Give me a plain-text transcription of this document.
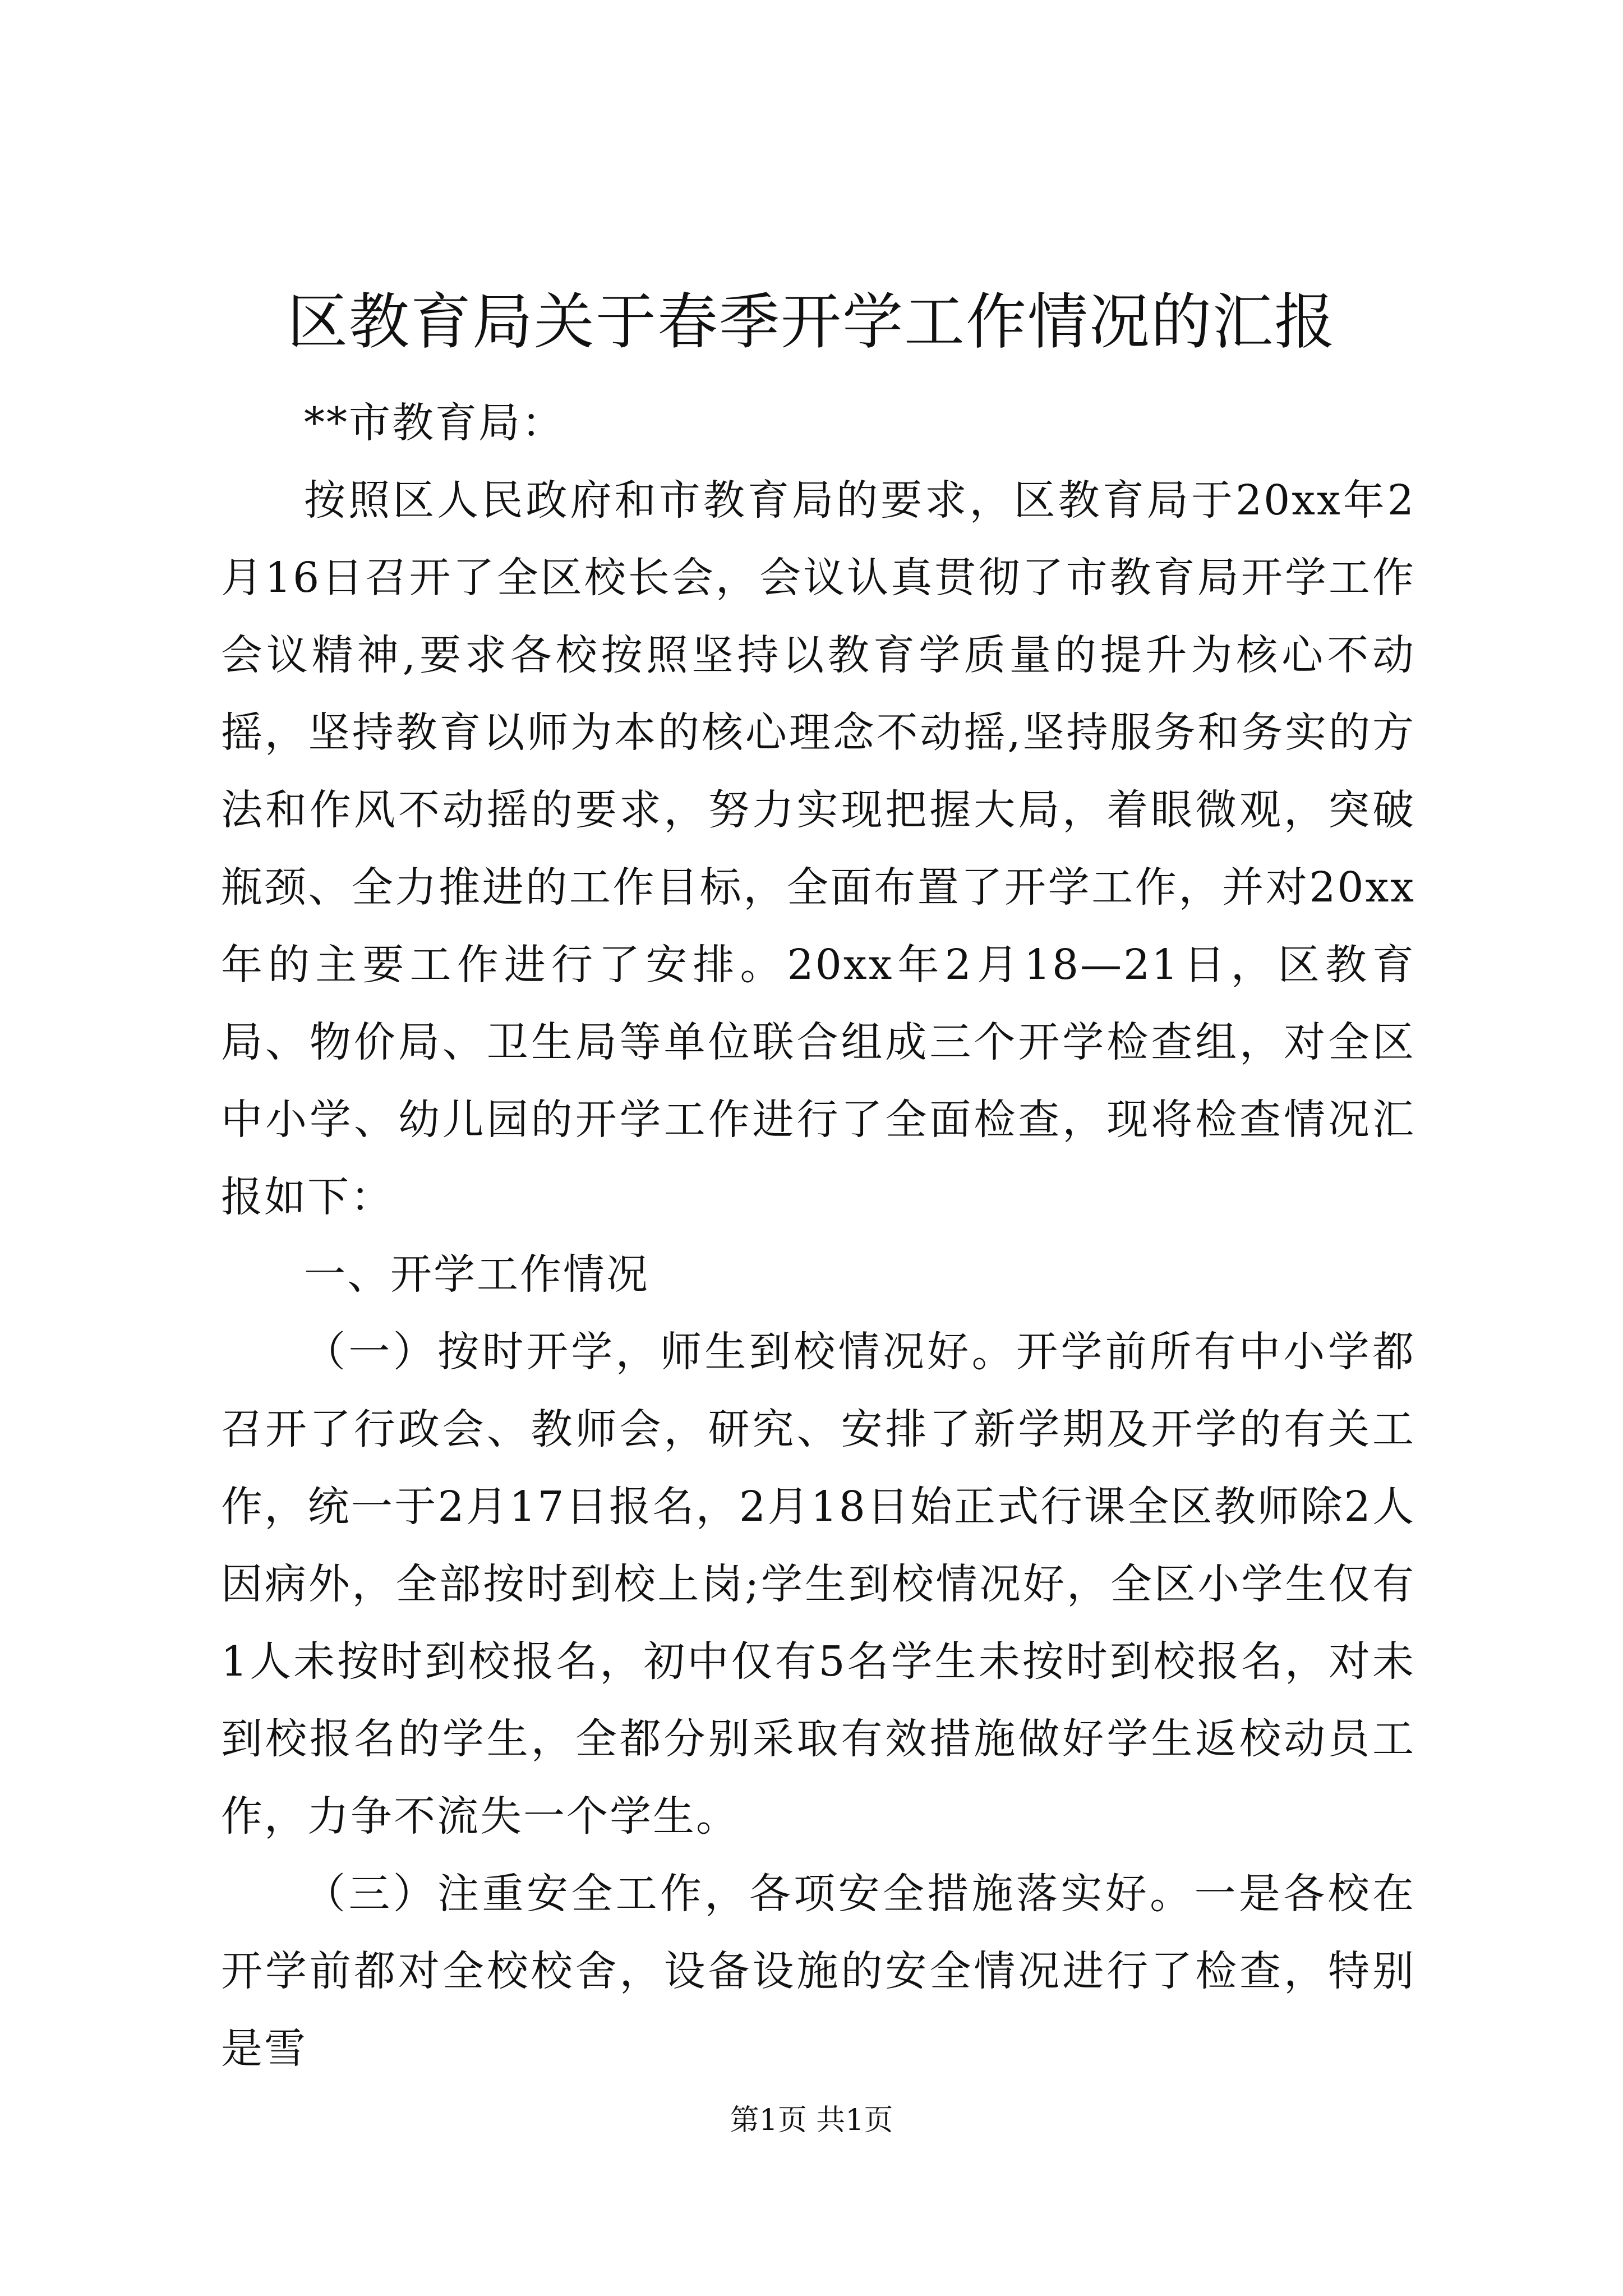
区教育局关于春季开学工作情况的汇报

**市教育局：

按照区人民政府和市教育局的要求，区教育局于20xx年2月16日召开了全区校长会，会议认真贯彻了市教育局开学工作会议精神,要求各校按照坚持以教育学质量的提升为核心不动摇，坚持教育以师为本的核心理念不动摇,坚持服务和务实的方法和作风不动摇的要求，努力实现把握大局，着眼微观，突破瓶颈、全力推进的工作目标，全面布置了开学工作，并对20xx年的主要工作进行了安排。20xx年2月18—21日，区教育局、物价局、卫生局等单位联合组成三个开学检查组，对全区中小学、幼儿园的开学工作进行了全面检查，现将检查情况汇报如下：

一、开学工作情况

（一）按时开学，师生到校情况好。开学前所有中小学都召开了行政会、教师会，研究、安排了新学期及开学的有关工作，统一于2月17日报名，2月18日始正式行课全区教师除2人因病外，全部按时到校上岗;学生到校情况好，全区小学生仅有1人未按时到校报名，初中仅有5名学生未按时到校报名，对未到校报名的学生，全都分别采取有效措施做好学生返校动员工作，力争不流失一个学生。

（三）注重安全工作，各项安全措施落实好。一是各校在开学前都对全校校舍，设备设施的安全情况进行了检查，特别是雪

第1页 共1页
